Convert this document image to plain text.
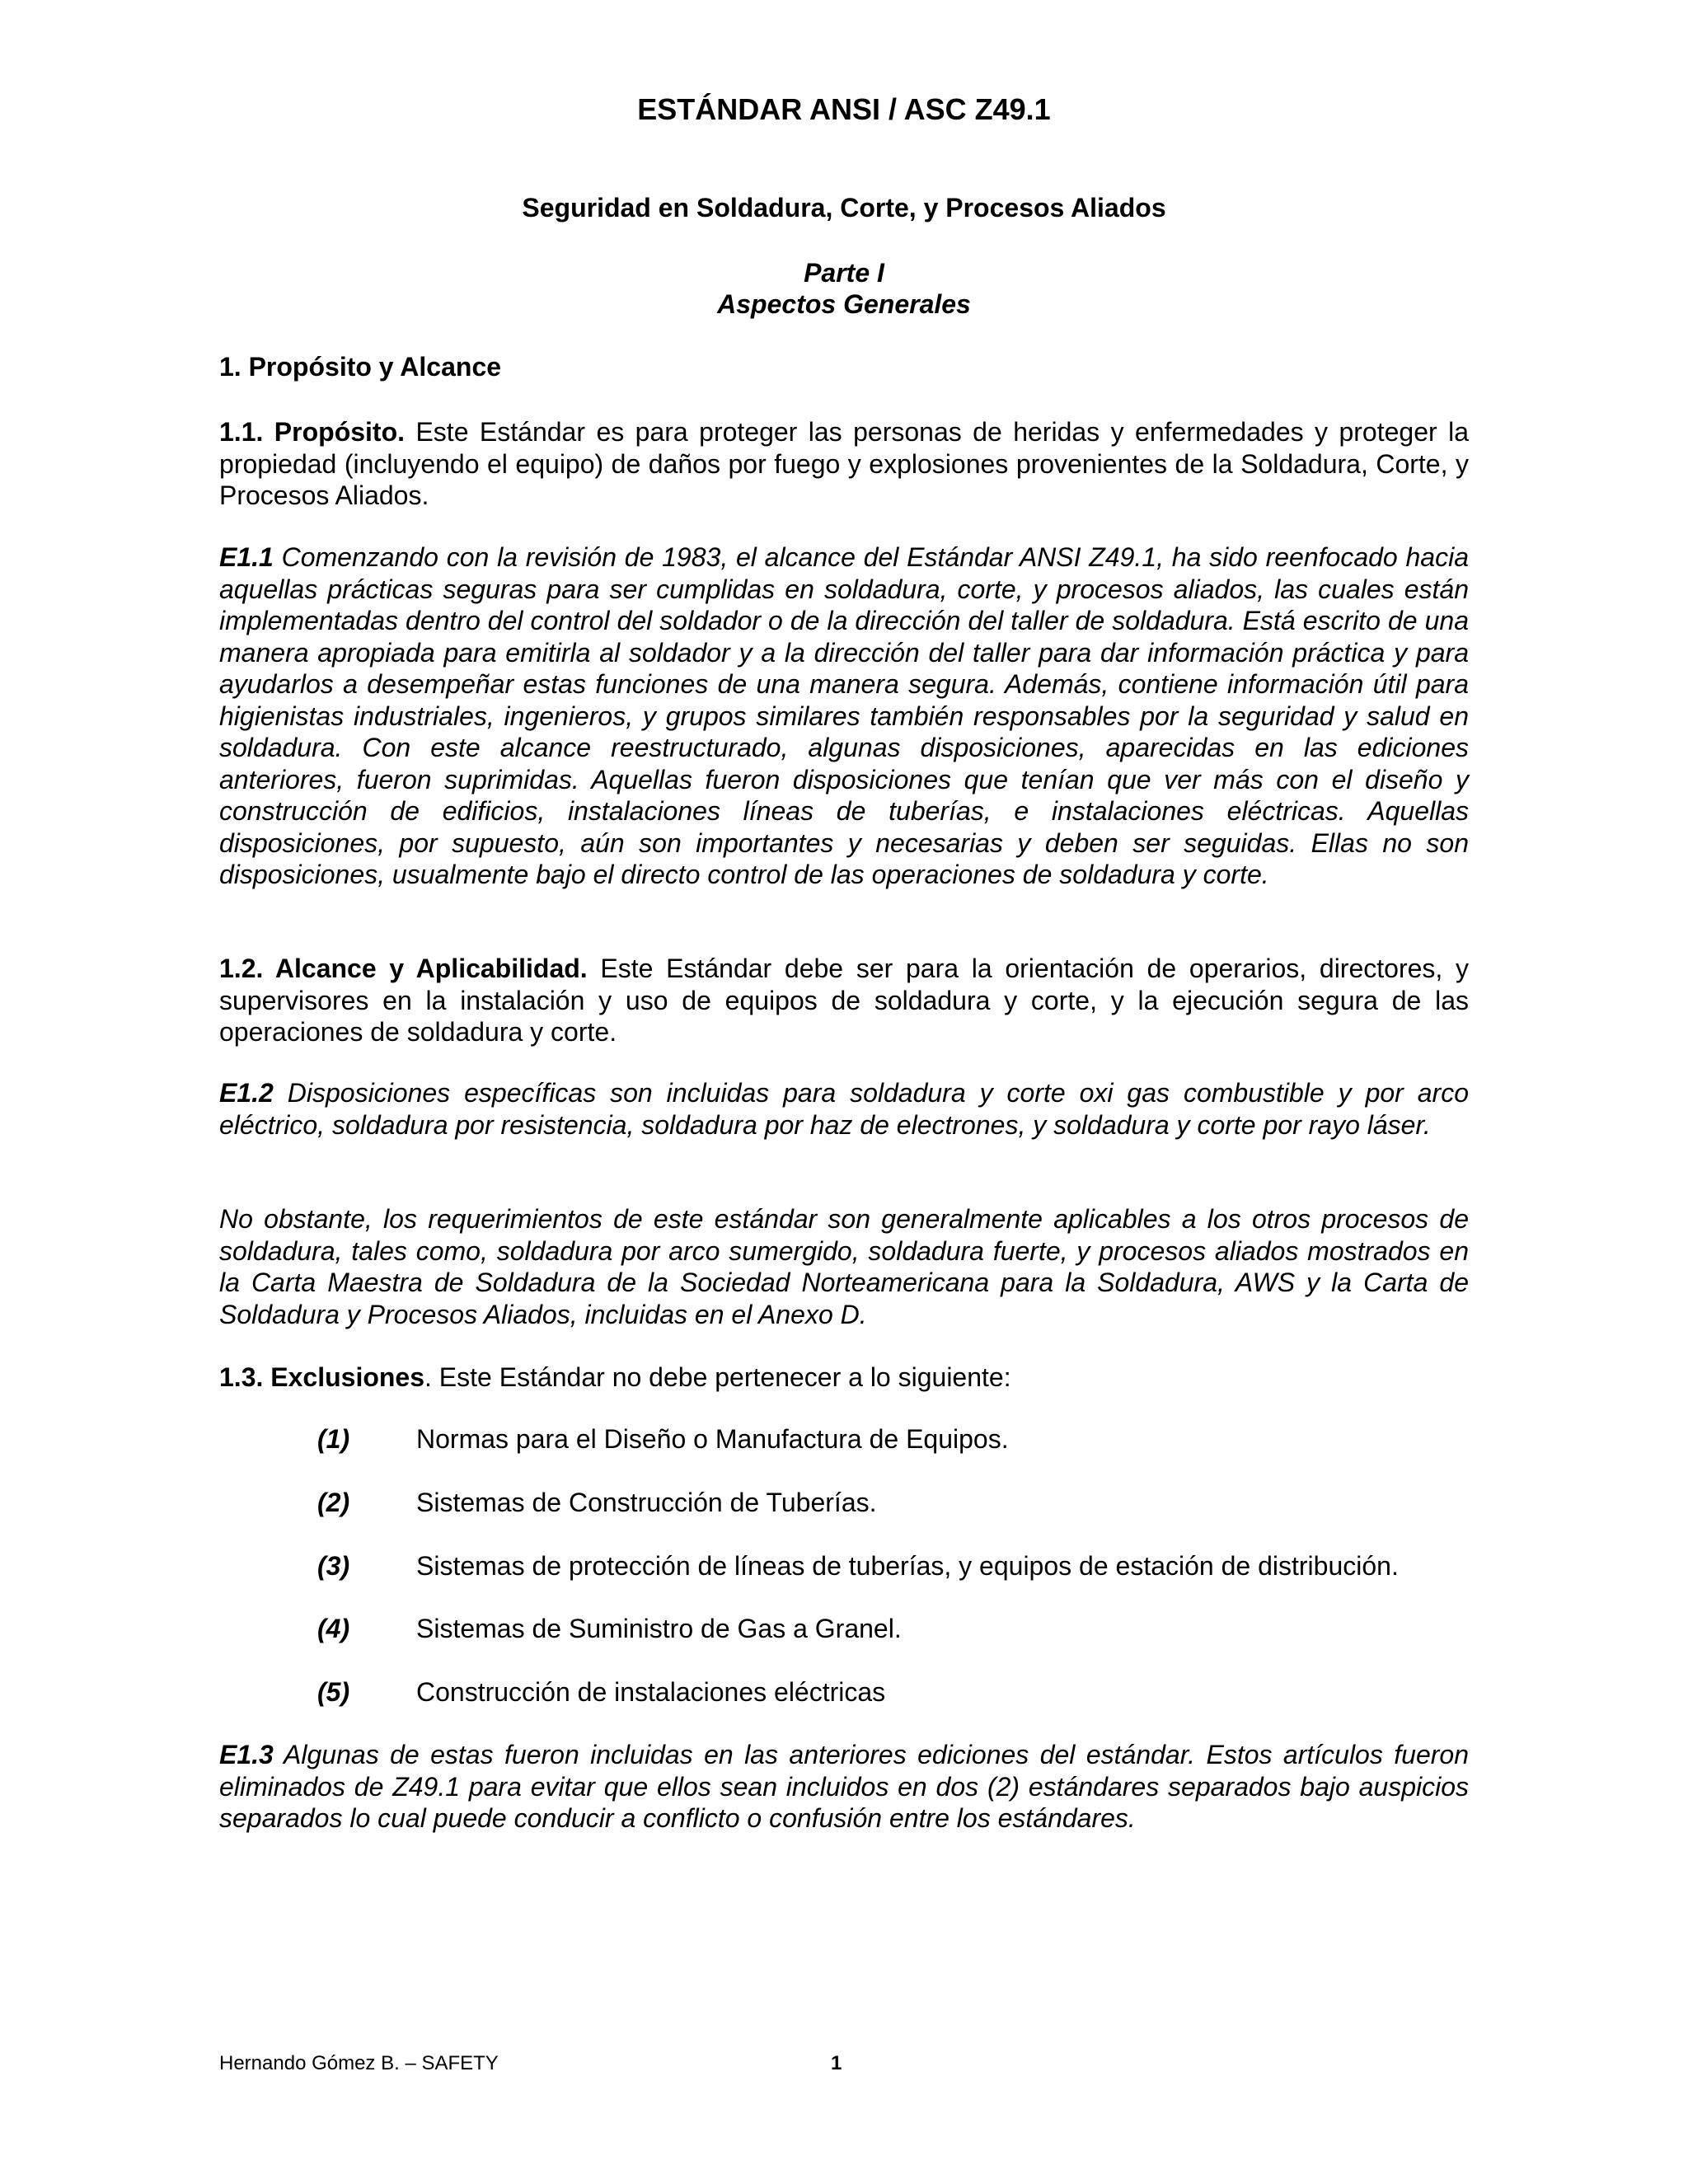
ESTÁNDAR ANSI / ASC Z49.1
Seguridad en Soldadura, Corte, y Procesos Aliados
Parte I
Aspectos Generales
1. Propósito y Alcance
1.1. Propósito. Este Estándar es para proteger las personas de heridas y enfermedades y proteger la propiedad (incluyendo el equipo) de daños por fuego y explosiones provenientes de la Soldadura, Corte, y Procesos Aliados.
E1.1 Comenzando con la revisión de 1983, el alcance del Estándar ANSI Z49.1, ha sido reenfocado hacia aquellas prácticas seguras para ser cumplidas en soldadura, corte, y procesos aliados, las cuales están implementadas dentro del control del soldador o de la dirección del taller de soldadura. Está escrito de una manera apropiada para emitirla al soldador y a la dirección del taller para dar información práctica y para ayudarlos a desempeñar estas funciones de una manera segura. Además, contiene información útil para higienistas industriales, ingenieros, y grupos similares también responsables por la seguridad y salud en soldadura. Con este alcance reestructurado, algunas disposiciones, aparecidas en las ediciones anteriores, fueron suprimidas. Aquellas fueron disposiciones que tenían que ver más con el diseño y construcción de edificios, instalaciones líneas de tuberías, e instalaciones eléctricas. Aquellas disposiciones, por supuesto, aún son importantes y necesarias y deben ser seguidas. Ellas no son disposiciones, usualmente bajo el directo control de las operaciones de soldadura y corte.
1.2. Alcance y Aplicabilidad. Este Estándar debe ser para la orientación de operarios, directores, y supervisores en la instalación y uso de equipos de soldadura y corte, y la ejecución segura de las operaciones de soldadura y corte.
E1.2 Disposiciones específicas son incluidas para soldadura y corte oxi gas combustible y por arco eléctrico, soldadura por resistencia, soldadura por haz de electrones, y soldadura y corte por rayo láser.
No obstante, los requerimientos de este estándar son generalmente aplicables a los otros procesos de soldadura, tales como, soldadura por arco sumergido, soldadura fuerte, y procesos aliados mostrados en la Carta Maestra de Soldadura de la Sociedad Norteamericana para la Soldadura, AWS y la Carta de Soldadura y Procesos Aliados, incluidas en el Anexo D.
1.3. Exclusiones. Este Estándar no debe pertenecer a lo siguiente:
(1)	Normas para el Diseño o Manufactura de Equipos.
(2)	Sistemas de Construcción de Tuberías.
(3)	Sistemas de protección de líneas de tuberías, y equipos de estación de distribución.
(4)	Sistemas de Suministro de Gas a Granel.
(5)	Construcción de instalaciones eléctricas
E1.3 Algunas de estas fueron incluidas en las anteriores ediciones del estándar. Estos artículos fueron eliminados de Z49.1 para evitar que ellos sean incluidos en dos (2) estándares separados bajo auspicios separados lo cual puede conducir a conflicto o confusión entre los estándares.
Hernando Gómez B. – SAFETY	1
